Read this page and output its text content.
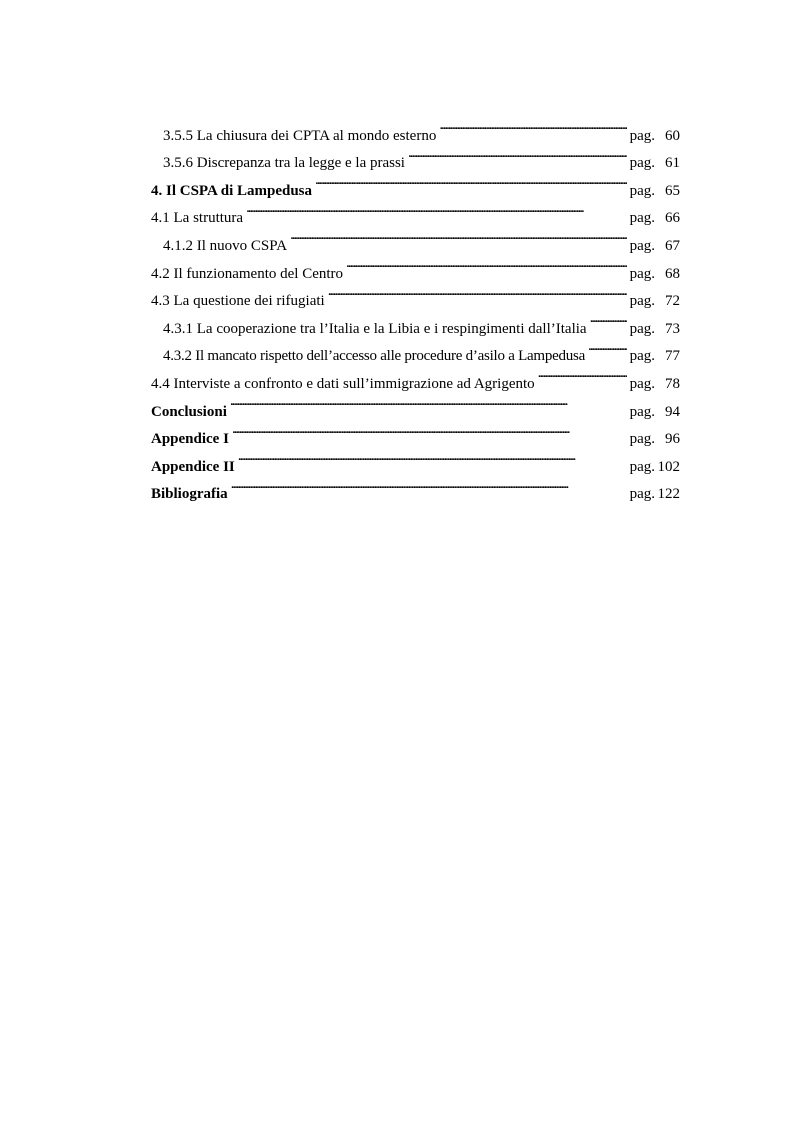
3.5.5 La chiusura dei CPTA al mondo esterno . . .	pag. 60
3.5.6 Discrepanza tra la legge e la prassi . . .	pag. 61
4. Il CSPA di Lampedusa . . .	pag. 65
4.1 La struttura . . .	pag. 66
4.1.2 Il nuovo CSPA . . .	pag. 67
4.2 Il funzionamento del Centro . . .	pag. 68
4.3 La questione dei rifugiati . . .	pag. 72
4.3.1 La cooperazione tra l’Italia e la Libia e i respingimenti dall’Italia . . .	pag. 73
4.3.2 Il mancato rispetto dell’accesso alle procedure d’asilo a Lampedusa . . .	pag. 77
4.4 Interviste a confronto e dati sull’immigrazione ad Agrigento . . .	pag. 78
Conclusioni . . .	pag. 94
Appendice I . . .	pag. 96
Appendice II . . .	pag. 102
Bibliografia . . .	pag. 122
